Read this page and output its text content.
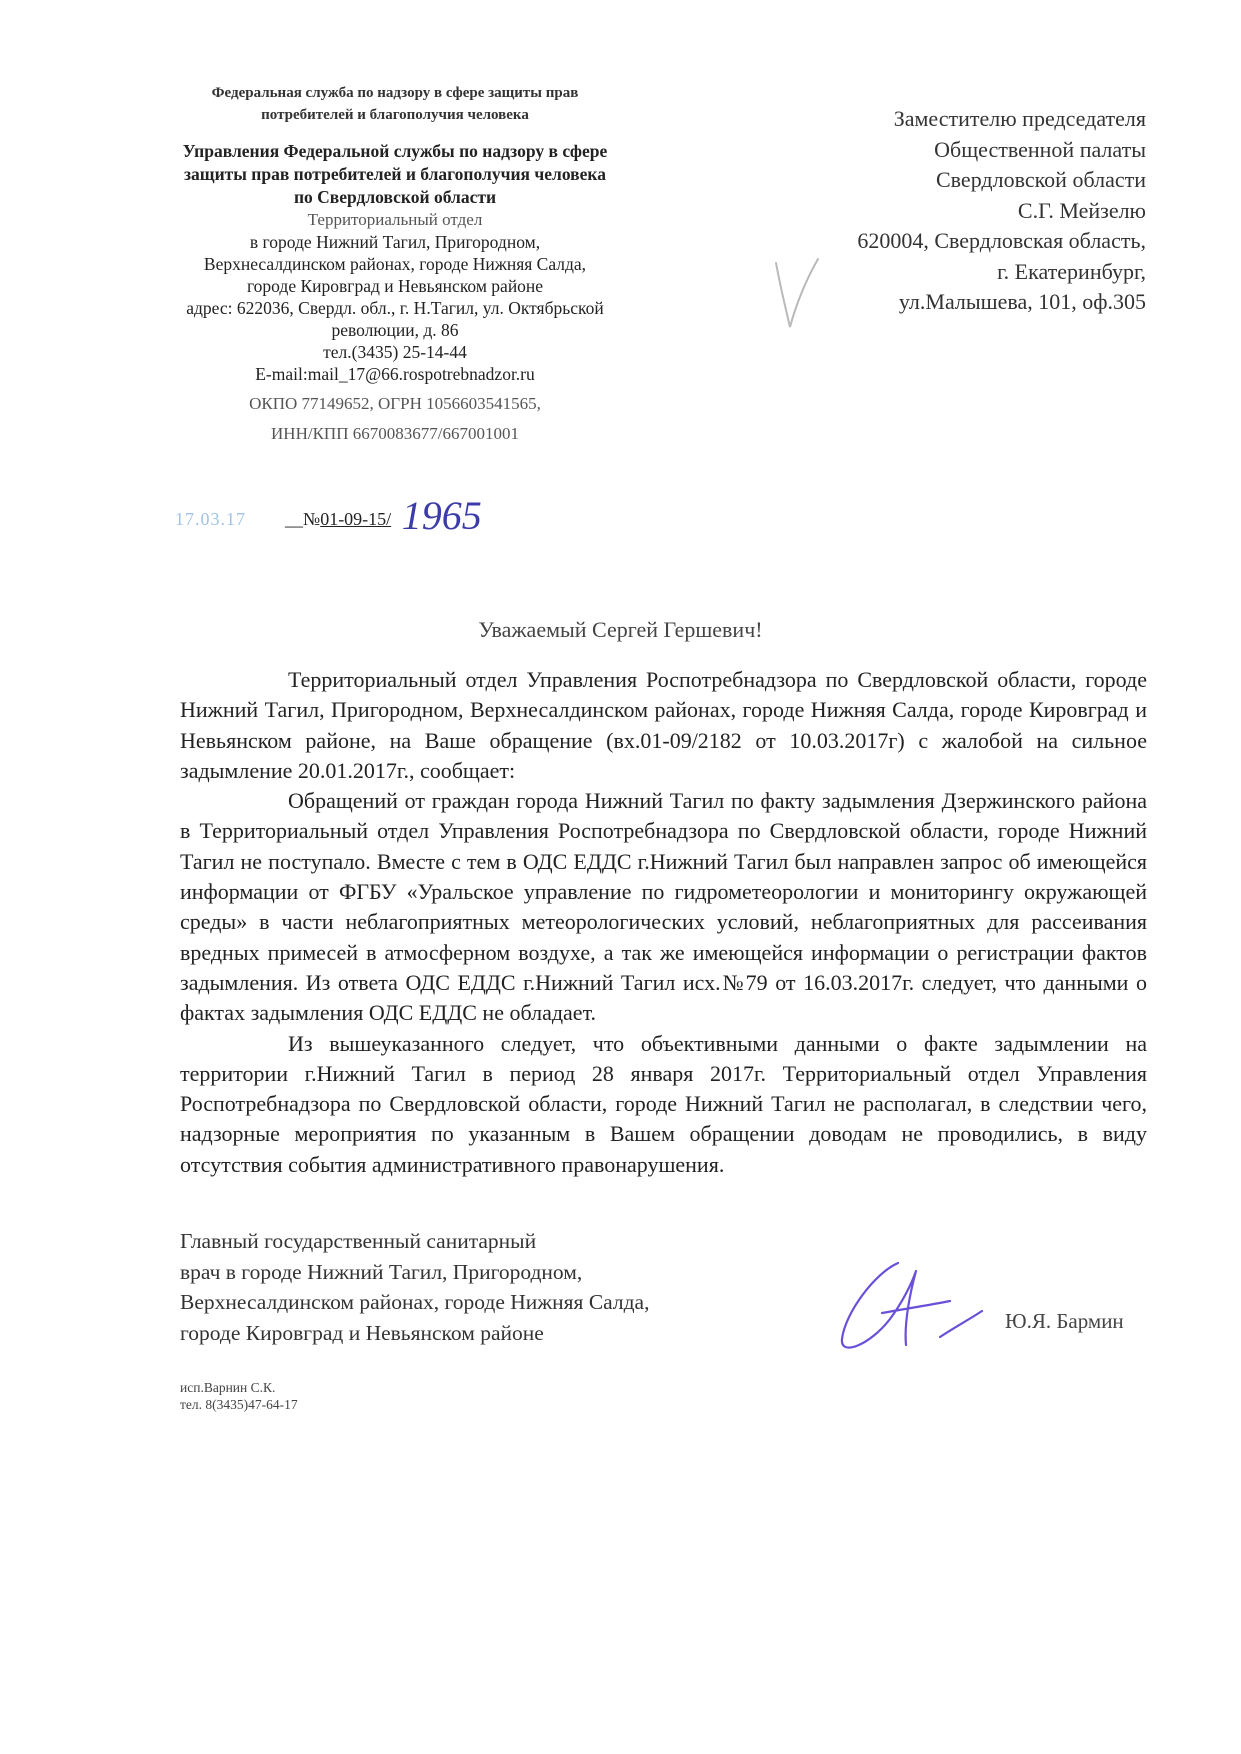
Федеральная служба по надзору в сфере защиты прав
потребителей и благополучия человека
Управления Федеральной службы по надзору в сфере
защиты прав потребителей и благополучия человека
по Свердловской области
Территориальный отдел
в городе Нижний Тагил, Пригородном,
Верхнесалдинском районах, городе Нижняя Салда,
городе Кировград и Невьянском районе
адрес: 622036, Свердл. обл., г. Н.Тагил, ул. Октябрьской
революции, д. 86
тел.(3435) 25-14-44
E-mail:mail_17@66.rospotrebnadzor.ru
ОКПО 77149652, ОГРН 1056603541565,
ИНН/КПП 6670083677/667001001
17.03.17 __№01-09-15/ 1965
Заместителю председателя
Общественной палаты
Свердловской области
С.Г. Мейзелю
620004, Свердловская область,
г. Екатеринбург,
ул.Малышева, 101, оф.305
Уважаемый Сергей Гершевич!

Территориальный отдел Управления Роспотребнадзора по Свердловской области, городе Нижний Тагил, Пригородном, Верхнесалдинском районах, городе Нижняя Салда, городе Кировград и Невьянском районе, на Ваше обращение (вх.01-09/2182 от 10.03.2017г) с жалобой на сильное задымление 20.01.2017г., сообщает:

Обращений от граждан города Нижний Тагил по факту задымления Дзержинского района в Территориальный отдел Управления Роспотребнадзора по Свердловской области, городе Нижний Тагил не поступало. Вместе с тем в ОДС ЕДДС г.Нижний Тагил был направлен запрос об имеющейся информации от ФГБУ «Уральское управление по гидрометеорологии и мониторингу окружающей среды» в части неблагоприятных метеорологических условий, неблагоприятных для рассеивания вредных примесей в атмосферном воздухе, а так же имеющейся информации о регистрации фактов задымления. Из ответа ОДС ЕДДС г.Нижний Тагил исх.№79 от 16.03.2017г. следует, что данными о фактах задымления ОДС ЕДДС не обладает.

Из вышеуказанного следует, что объективными данными о факте задымлении на территории г.Нижний Тагил в период 28 января 2017г. Территориальный отдел Управления Роспотребнадзора по Свердловской области, городе Нижний Тагил не располагал, в следствии чего, надзорные мероприятия по указанным в Вашем обращении доводам не проводились, в виду отсутствия события административного правонарушения.

Главный государственный санитарный
врач в городе Нижний Тагил, Пригородном,
Верхнесалдинском районах, городе Нижняя Салда,
городе Кировград и Невьянском районе	Ю.Я. Бармин
исп.Варнин С.К.
тел. 8(3435)47-64-17
